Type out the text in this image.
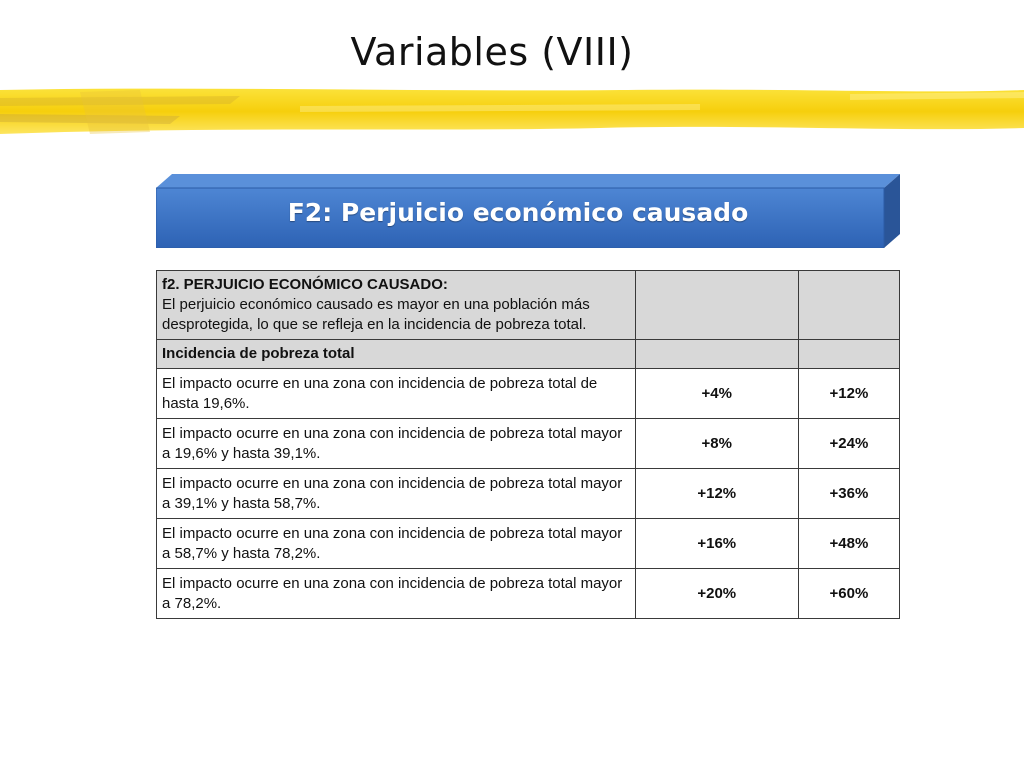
Variables (VIII)
F2: Perjuicio económico causado
f2. PERJUICIO ECONÓMICO CAUSADO:
El perjuicio económico causado es mayor en una población más desprotegida, lo que se refleja en la incidencia de pobreza total.		
Incidencia de pobreza total		
El impacto ocurre en una zona con incidencia de pobreza total de hasta 19,6%.	+4%	+12%
El impacto ocurre en una zona con incidencia de pobreza total mayor a 19,6% y hasta 39,1%.	+8%	+24%
El impacto ocurre en una zona con incidencia de pobreza total mayor a 39,1% y hasta 58,7%.	+12%	+36%
El impacto ocurre en una zona con incidencia de pobreza total mayor a 58,7% y hasta 78,2%.	+16%	+48%
El impacto ocurre en una zona con incidencia de pobreza total mayor a 78,2%.	+20%	+60%
